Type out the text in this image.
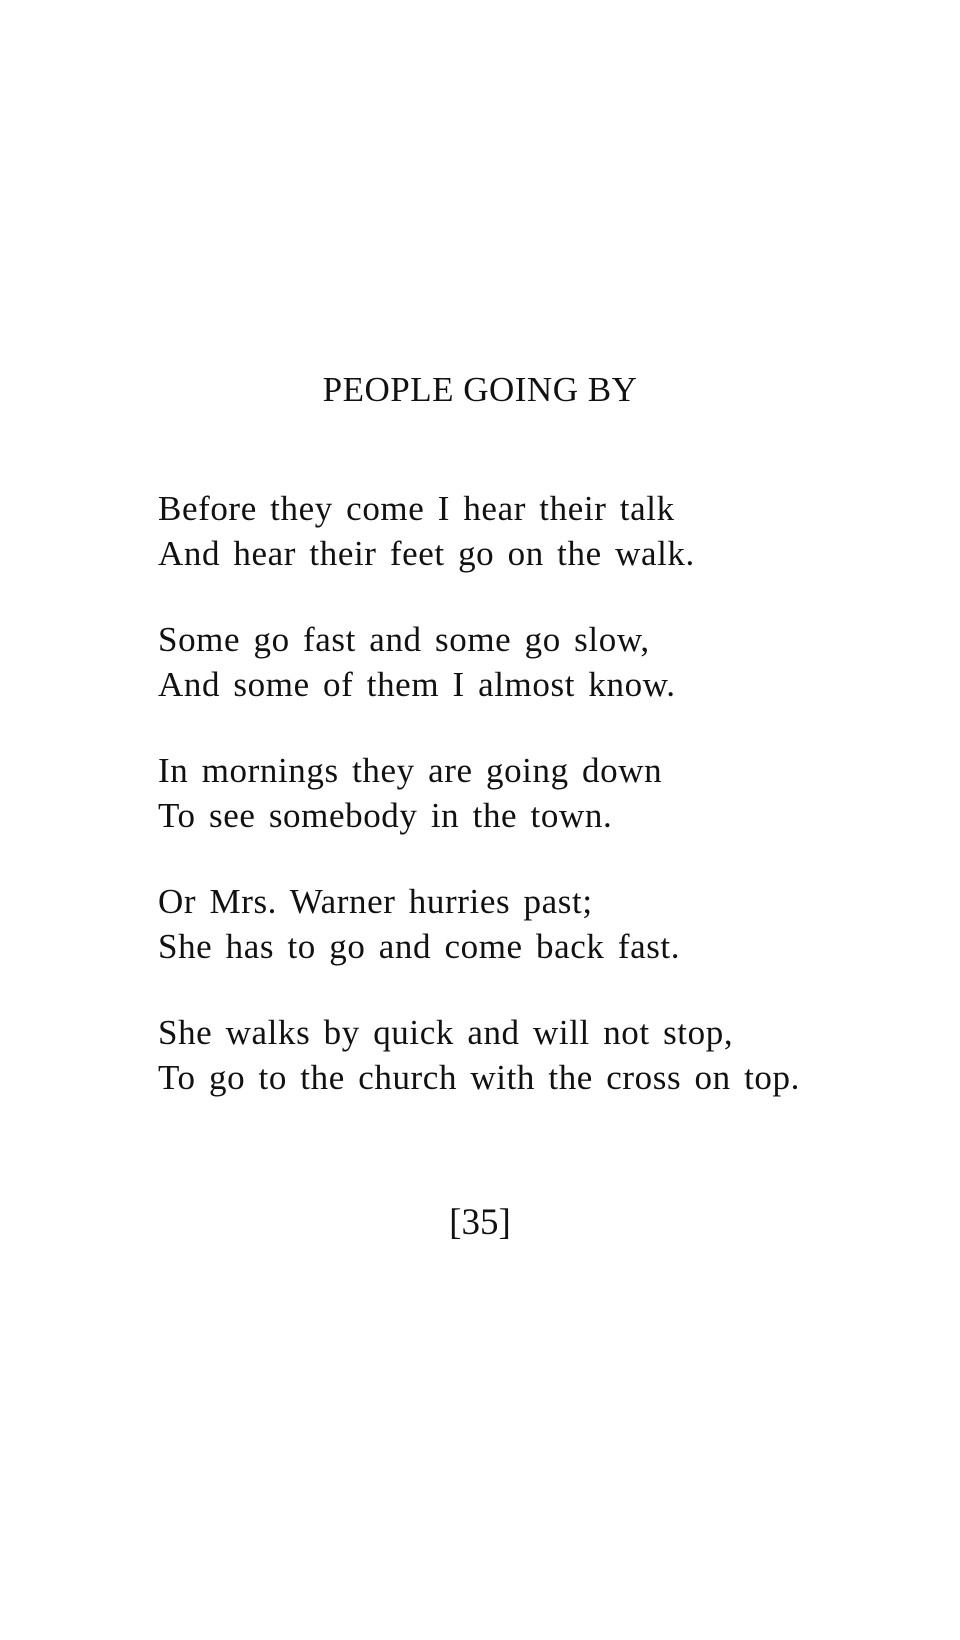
PEOPLE GOING BY
Before they come I hear their talk
And hear their feet go on the walk.
Some go fast and some go slow,
And some of them I almost know.
In mornings they are going down
To see somebody in the town.
Or Mrs. Warner hurries past;
She has to go and come back fast.
She walks by quick and will not stop,
To go to the church with the cross on top.
[35]
